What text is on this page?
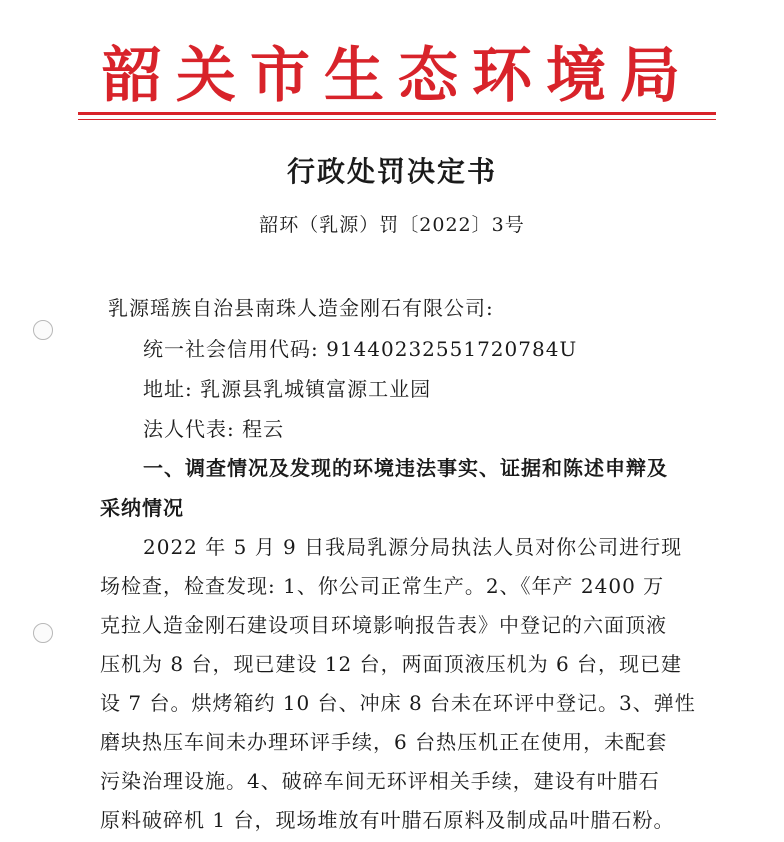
韶关市生态环境局
行政处罚决定书
韶环（乳源）罚〔2022〕3号
乳源瑶族自治县南珠人造金刚石有限公司:
统一社会信用代码: 91440232551720784U
地址: 乳源县乳城镇富源工业园
法人代表: 程云
一、调查情况及发现的环境违法事实、证据和陈述申辩及
采纳情况
2022 年 5 月 9 日我局乳源分局执法人员对你公司进行现
场检查，检查发现: 1、你公司正常生产。2、《年产 2400 万
克拉人造金刚石建设项目环境影响报告表》中登记的六面顶液
压机为 8 台，现已建设 12 台，两面顶液压机为 6 台，现已建
设 7 台。烘烤箱约 10 台、冲床 8 台未在环评中登记。3、弹性
磨块热压车间未办理环评手续，6 台热压机正在使用，未配套
污染治理设施。4、破碎车间无环评相关手续，建设有叶腊石
原料破碎机 1 台，现场堆放有叶腊石原料及制成品叶腊石粉。
